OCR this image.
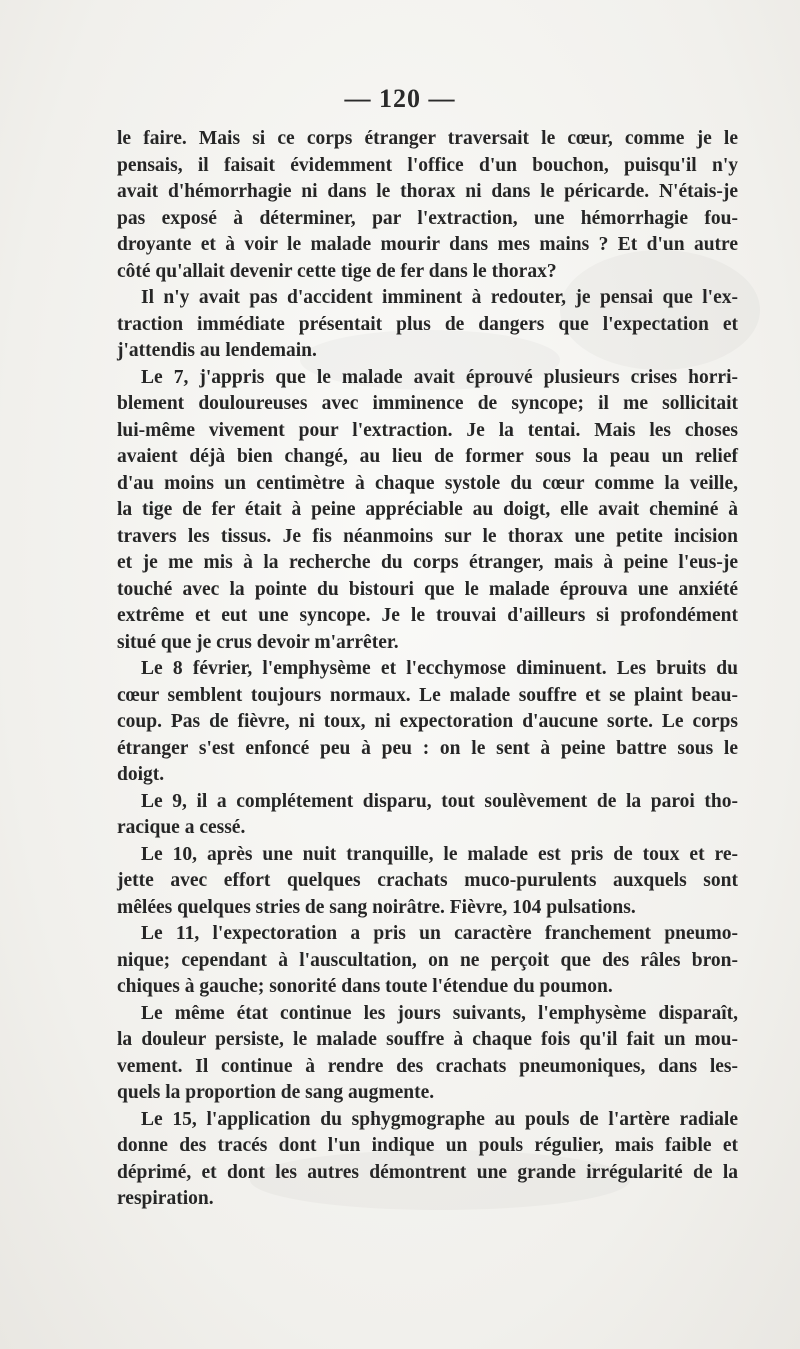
— 120 —
le faire. Mais si ce corps étranger traversait le cœur, comme je le
pensais, il faisait évidemment l'office d'un bouchon, puisqu'il n'y
avait d'hémorrhagie ni dans le thorax ni dans le péricarde. N'étais-je
pas exposé à déterminer, par l'extraction, une hémorrhagie fou-
droyante et à voir le malade mourir dans mes mains ? Et d'un autre
côté qu'allait devenir cette tige de fer dans le thorax?
Il n'y avait pas d'accident imminent à redouter, je pensai que l'ex-
traction immédiate présentait plus de dangers que l'expectation et
j'attendis au lendemain.
Le 7, j'appris que le malade avait éprouvé plusieurs crises horri-
blement douloureuses avec imminence de syncope; il me sollicitait
lui-même vivement pour l'extraction. Je la tentai. Mais les choses
avaient déjà bien changé, au lieu de former sous la peau un relief
d'au moins un centimètre à chaque systole du cœur comme la veille,
la tige de fer était à peine appréciable au doigt, elle avait cheminé à
travers les tissus. Je fis néanmoins sur le thorax une petite incision
et je me mis à la recherche du corps étranger, mais à peine l'eus-je
touché avec la pointe du bistouri que le malade éprouva une anxiété
extrême et eut une syncope. Je le trouvai d'ailleurs si profondément
situé que je crus devoir m'arrêter.
Le 8 février, l'emphysème et l'ecchymose diminuent. Les bruits du
cœur semblent toujours normaux. Le malade souffre et se plaint beau-
coup. Pas de fièvre, ni toux, ni expectoration d'aucune sorte. Le corps
étranger s'est enfoncé peu à peu : on le sent à peine battre sous le
doigt.
Le 9, il a complétement disparu, tout soulèvement de la paroi tho-
racique a cessé.
Le 10, après une nuit tranquille, le malade est pris de toux et re-
jette avec effort quelques crachats muco-purulents auxquels sont
mêlées quelques stries de sang noirâtre. Fièvre, 104 pulsations.
Le 11, l'expectoration a pris un caractère franchement pneumo-
nique; cependant à l'auscultation, on ne perçoit que des râles bron-
chiques à gauche; sonorité dans toute l'étendue du poumon.
Le même état continue les jours suivants, l'emphysème disparaît,
la douleur persiste, le malade souffre à chaque fois qu'il fait un mou-
vement. Il continue à rendre des crachats pneumoniques, dans les-
quels la proportion de sang augmente.
Le 15, l'application du sphygmographe au pouls de l'artère radiale
donne des tracés dont l'un indique un pouls régulier, mais faible et
déprimé, et dont les autres démontrent une grande irrégularité de la
respiration.
